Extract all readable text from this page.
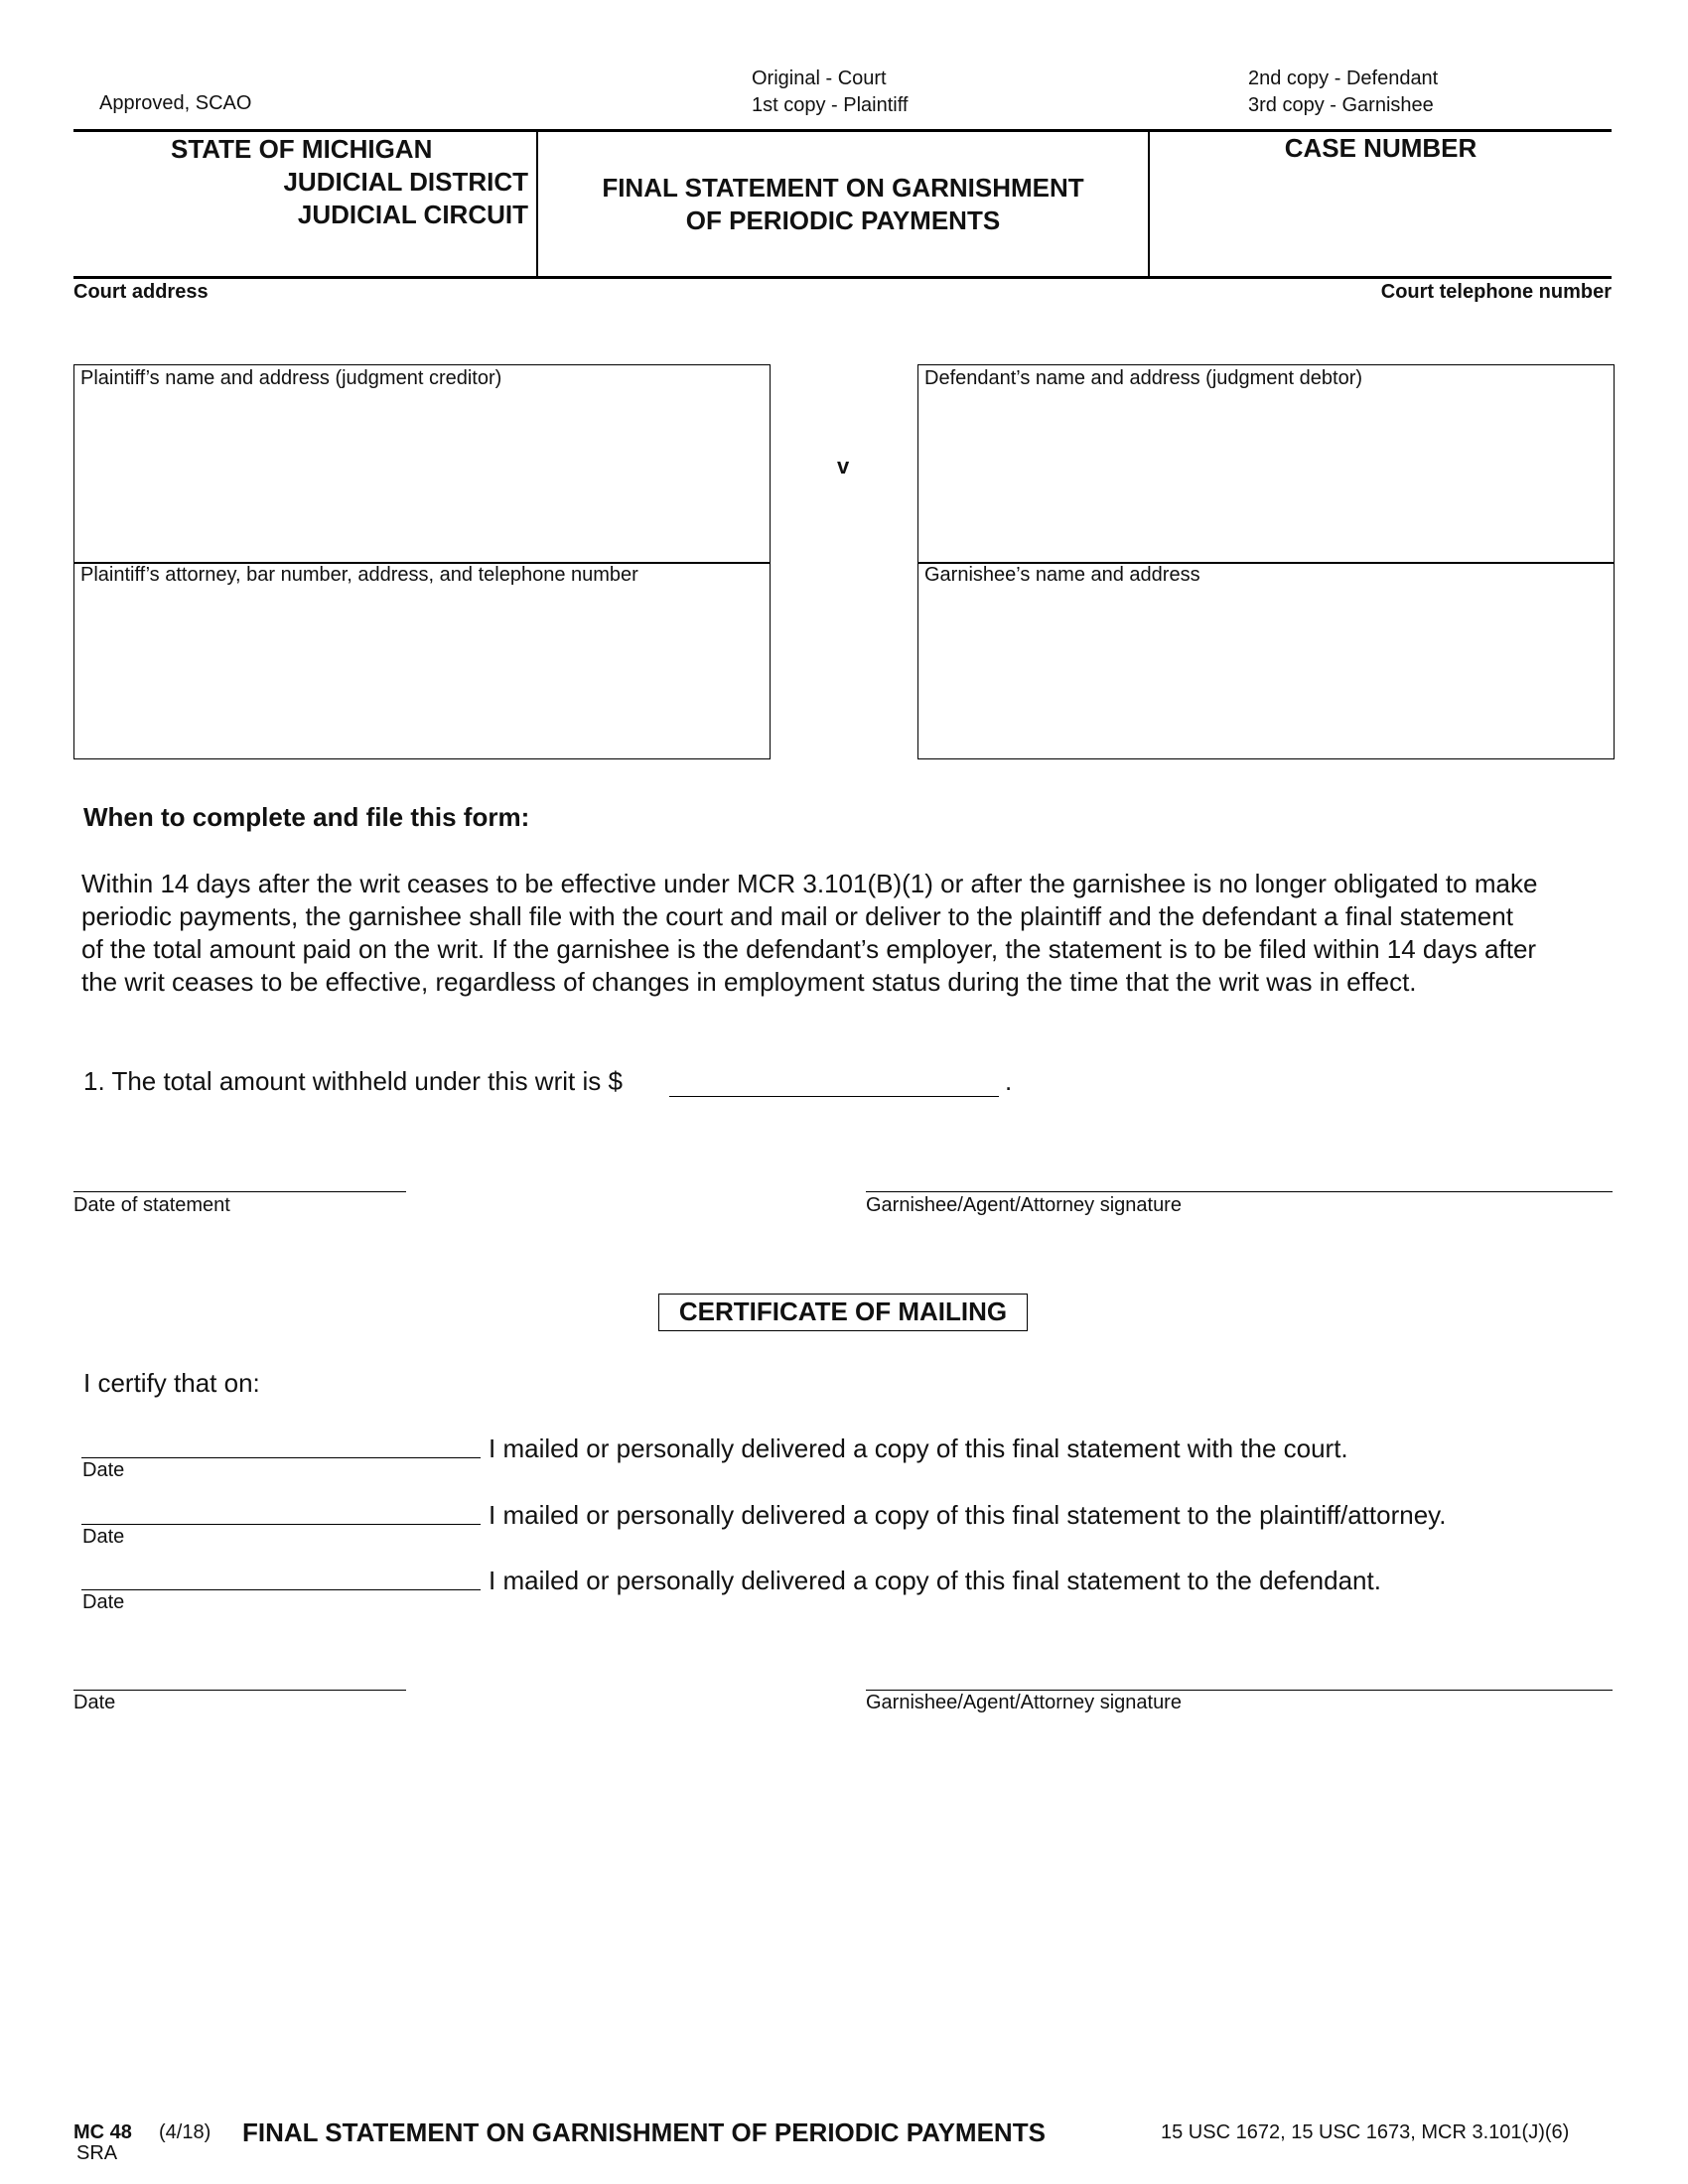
Approved, SCAO
Original - Court
1st copy - Plaintiff
2nd copy - Defendant
3rd copy - Garnishee
STATE OF MICHIGAN
JUDICIAL DISTRICT
JUDICIAL CIRCUIT
FINAL STATEMENT ON GARNISHMENT
OF PERIODIC PAYMENTS
CASE NUMBER
Court address	Court telephone number
Plaintiff’s name and address (judgment creditor)
Plaintiff’s attorney, bar number, address, and telephone number
v
Defendant’s name and address (judgment debtor)
Garnishee’s name and address
When to complete and file this form:
Within 14 days after the writ ceases to be effective under MCR 3.101(B)(1) or after the garnishee is no longer obligated to make
periodic payments, the garnishee shall file with the court and mail or deliver to the plaintiff and the defendant a final statement
of the total amount paid on the writ. If the garnishee is the defendant’s employer, the statement is to be filed within 14 days after
the writ ceases to be effective, regardless of changes in employment status during the time that the writ was in effect.
1. The total amount withheld under this writ is $	.
Date of statement	Garnishee/Agent/Attorney signature
CERTIFICATE OF MAILING
I certify that on:
Date
I mailed or personally delivered a copy of this final statement with the court.
Date
I mailed or personally delivered a copy of this final statement to the plaintiff/attorney.
Date
I mailed or personally delivered a copy of this final statement to the defendant.
Date	Garnishee/Agent/Attorney signature
MC 48 (4/18) FINAL STATEMENT ON GARNISHMENT OF PERIODIC PAYMENTS	15 USC 1672, 15 USC 1673, MCR 3.101(J)(6)
SRA
